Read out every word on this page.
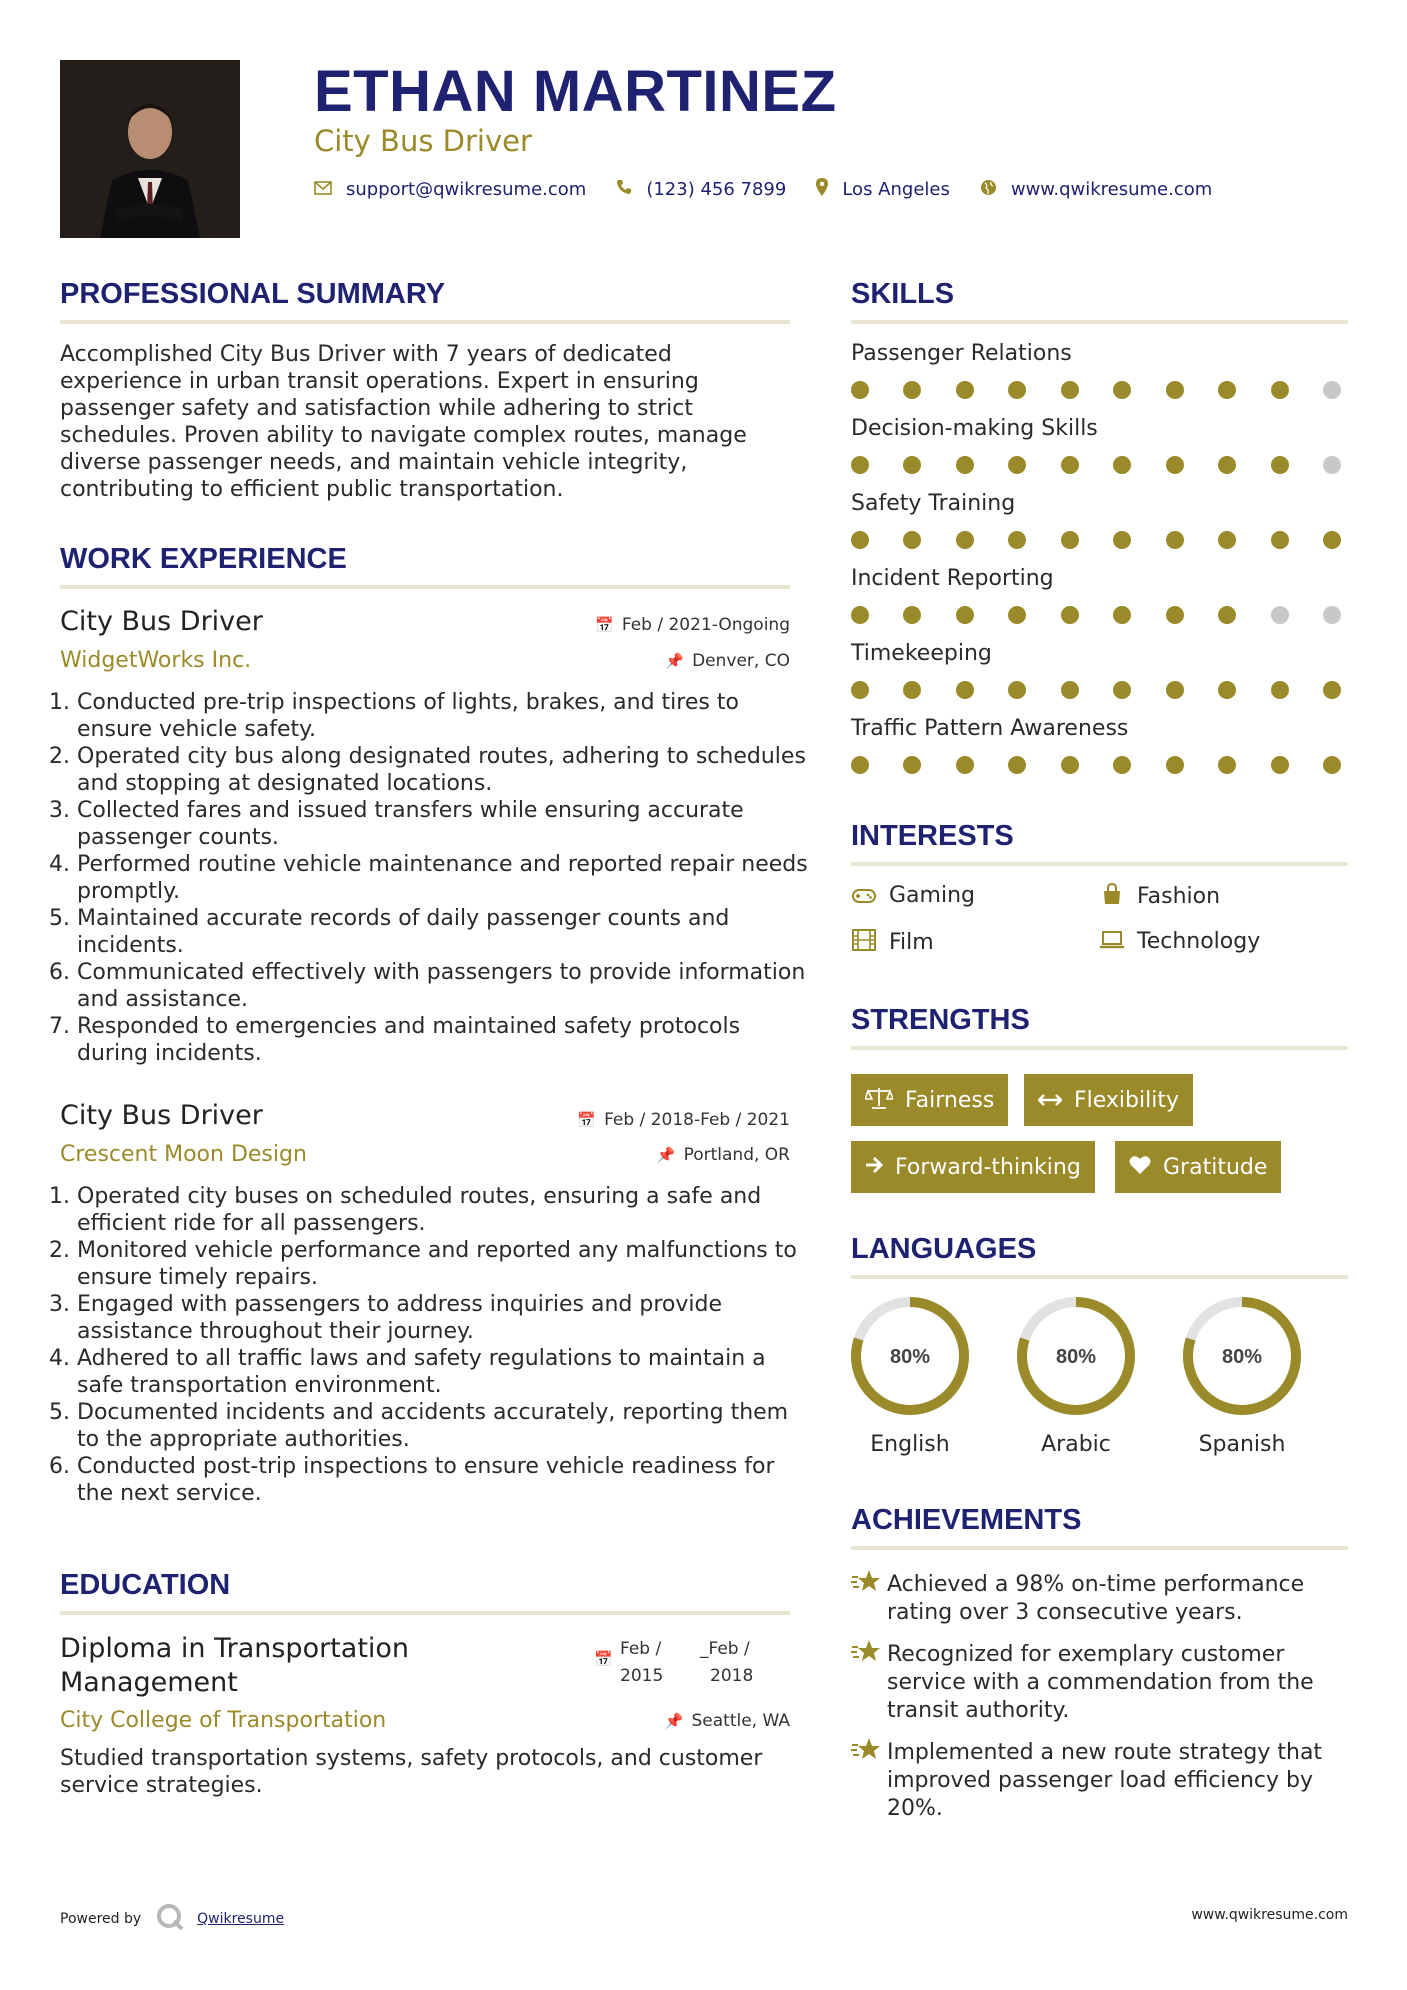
ETHAN MARTINEZ
City Bus Driver
support@qwikresume.com	(123) 456 7899	Los Angeles	www.qwikresume.com
PROFESSIONAL SUMMARY
Accomplished City Bus Driver with 7 years of dedicated experience in urban transit operations. Expert in ensuring passenger safety and satisfaction while adhering to strict schedules. Proven ability to navigate complex routes, manage diverse passenger needs, and maintain vehicle integrity, contributing to efficient public transportation.
WORK EXPERIENCE
City Bus Driver	📅 Feb / 2021-Ongoing
WidgetWorks Inc.	📌 Denver, CO
1. Conducted pre-trip inspections of lights, brakes, and tires to ensure vehicle safety.
2. Operated city bus along designated routes, adhering to schedules and stopping at designated locations.
3. Collected fares and issued transfers while ensuring accurate passenger counts.
4. Performed routine vehicle maintenance and reported repair needs promptly.
5. Maintained accurate records of daily passenger counts and incidents.
6. Communicated effectively with passengers to provide information and assistance.
7. Responded to emergencies and maintained safety protocols during incidents.
City Bus Driver	📅 Feb / 2018-Feb / 2021
Crescent Moon Design	📌 Portland, OR
1. Operated city buses on scheduled routes, ensuring a safe and efficient ride for all passengers.
2. Monitored vehicle performance and reported any malfunctions to ensure timely repairs.
3. Engaged with passengers to address inquiries and provide assistance throughout their journey.
4. Adhered to all traffic laws and safety regulations to maintain a safe transportation environment.
5. Documented incidents and accidents accurately, reporting them to the appropriate authorities.
6. Conducted post-trip inspections to ensure vehicle readiness for the next service.
EDUCATION
Diploma in Transportation Management
📅 Feb /
2015
_Feb /
2018
City College of Transportation	📌 Seattle, WA
Studied transportation systems, safety protocols, and customer service strategies.
SKILLS
Passenger Relations
Decision-making Skills
Safety Training
Incident Reporting
Timekeeping
Traffic Pattern Awareness
INTERESTS
Gaming	Fashion
Film	Technology
STRENGTHS
Fairness	Flexibility
Forward-thinking	Gratitude
LANGUAGES
80%
English
80%
Arabic
80%
Spanish
ACHIEVEMENTS
Achieved a 98% on-time performance rating over 3 consecutive years.
Recognized for exemplary customer service with a commendation from the transit authority.
Implemented a new route strategy that improved passenger load efficiency by 20%.
Powered by	Qwikresume	www.qwikresume.com
